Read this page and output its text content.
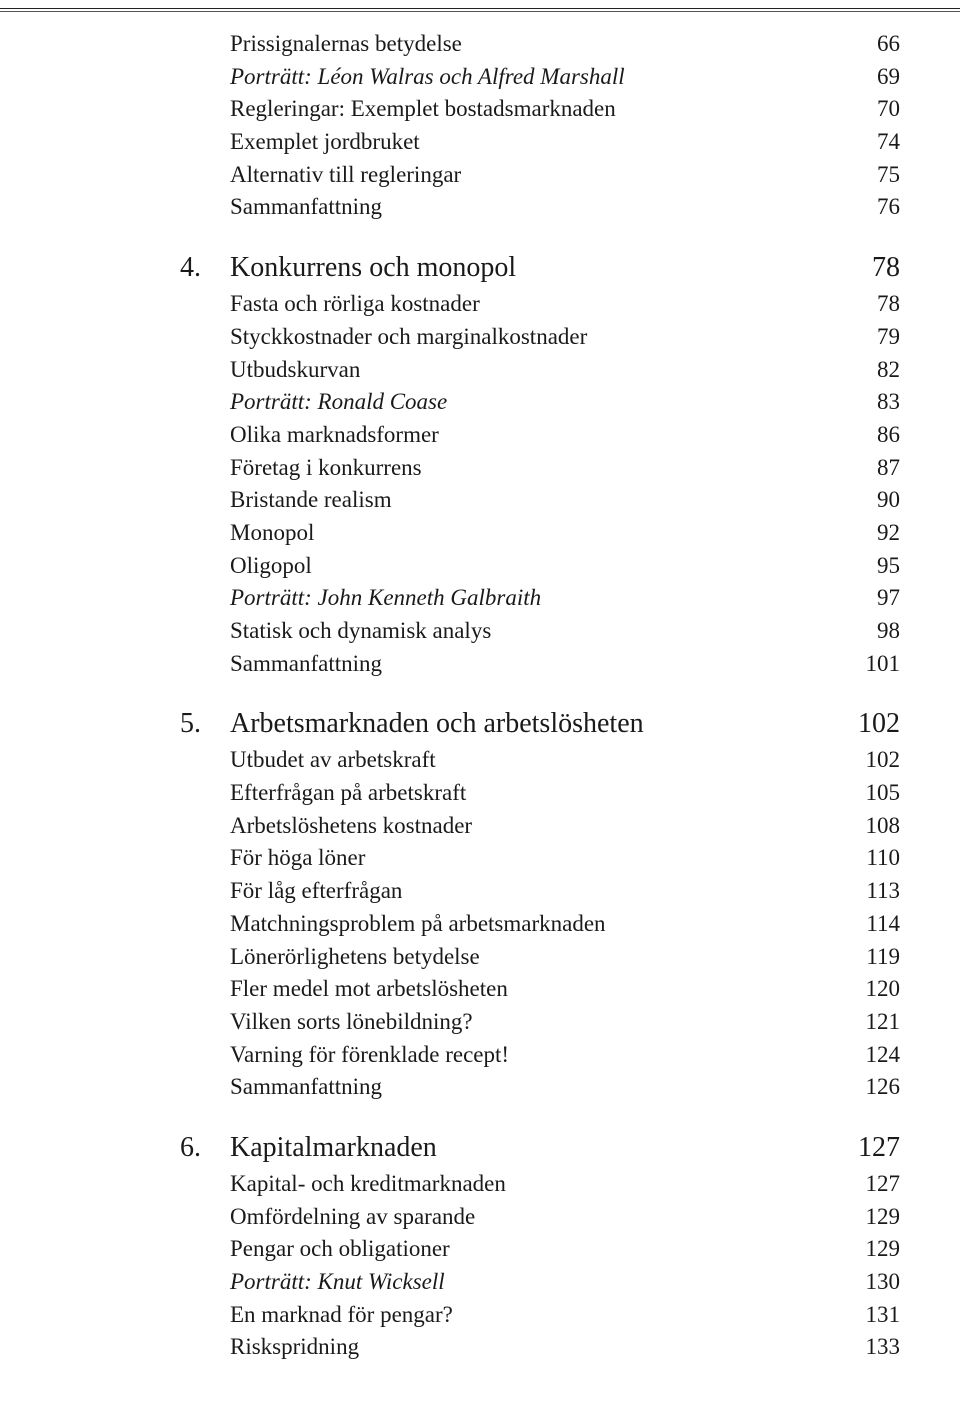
Prissignalernas betydelse	66
Porträtt: Léon Walras och Alfred Marshall	69
Regleringar: Exemplet bostadsmarknaden	70
Exemplet jordbruket	74
Alternativ till regleringar	75
Sammanfattning	76
4. Konkurrens och monopol	78
Fasta och rörliga kostnader	78
Styckkostnader och marginalkostnader	79
Utbudskurvan	82
Porträtt: Ronald Coase	83
Olika marknadsformer	86
Företag i konkurrens	87
Bristande realism	90
Monopol	92
Oligopol	95
Porträtt: John Kenneth Galbraith	97
Statisk och dynamisk analys	98
Sammanfattning	101
5. Arbetsmarknaden och arbetslösheten	102
Utbudet av arbetskraft	102
Efterfrågan på arbetskraft	105
Arbetslöshetens kostnader	108
För höga löner	110
För låg efterfrågan	113
Matchningsproblem på arbetsmarknaden	114
Lönerörlighetens betydelse	119
Fler medel mot arbetslösheten	120
Vilken sorts lönebildning?	121
Varning för förenklade recept!	124
Sammanfattning	126
6. Kapitalmarknaden	127
Kapital- och kreditmarknaden	127
Omfördelning av sparande	129
Pengar och obligationer	129
Porträtt: Knut Wicksell	130
En marknad för pengar?	131
Riskspridning	133
